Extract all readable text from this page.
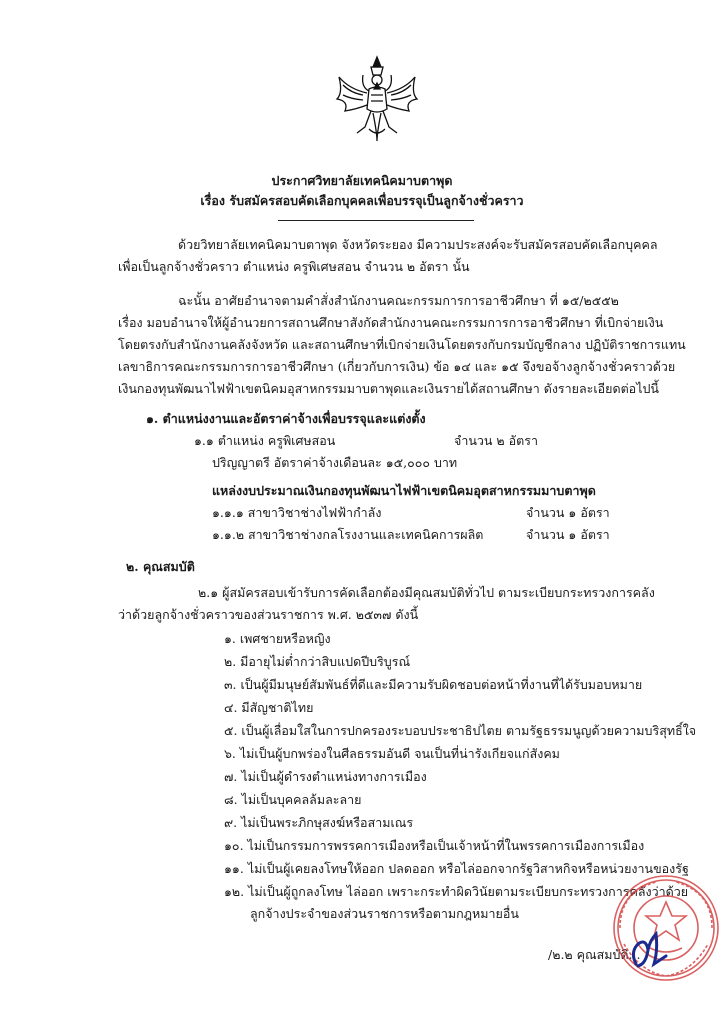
ประกาศวิทยาลัยเทคนิคมาบตาพุด
เรื่อง รับสมัครสอบคัดเลือกบุคคลเพื่อบรรจุเป็นลูกจ้างชั่วคราว
ด้วยวิทยาลัยเทคนิคมาบตาพุด จังหวัดระยอง มีความประสงค์จะรับสมัครสอบคัดเลือกบุคคล
เพื่อเป็นลูกจ้างชั่วคราว ตำแหน่ง ครูพิเศษสอน จำนวน ๒ อัตรา นั้น
ฉะนั้น อาศัยอำนาจตามคำสั่งสำนักงานคณะกรรมการการอาชีวศึกษา ที่ ๑๕/๒๕๕๒
เรื่อง มอบอำนาจให้ผู้อำนวยการสถานศึกษาสังกัดสำนักงานคณะกรรมการการอาชีวศึกษา ที่เบิกจ่ายเงิน
โดยตรงกับสำนักงานคลังจังหวัด และสถานศึกษาที่เบิกจ่ายเงินโดยตรงกับกรมบัญชีกลาง ปฏิบัติราชการแทน
เลขาธิการคณะกรรมการการอาชีวศึกษา (เกี่ยวกับการเงิน) ข้อ ๑๔ และ ๑๕ จึงขอจ้างลูกจ้างชั่วคราวด้วย
เงินกองทุนพัฒนาไฟฟ้าเขตนิคมอุสาหกรรมมาบตาพุดและเงินรายได้สถานศึกษา ดังรายละเอียดต่อไปนี้
๑. ตำแหน่งงานและอัตราค่าจ้างเพื่อบรรจุและแต่งตั้ง
๑.๑ ตำแหน่ง ครูพิเศษสอน	จำนวน ๒ อัตรา
ปริญญาตรี อัตราค่าจ้างเดือนละ ๑๕,๐๐๐ บาท
แหล่งงบประมาณเงินกองทุนพัฒนาไฟฟ้าเขตนิคมอุตสาหกรรมมาบตาพุด
๑.๑.๑ สาขาวิชาช่างไฟฟ้ากำลัง	จำนวน ๑ อัตรา
๑.๑.๒ สาขาวิชาช่างกลโรงงานและเทคนิคการผลิต	จำนวน ๑ อัตรา
๒. คุณสมบัติ
๒.๑ ผู้สมัครสอบเข้ารับการคัดเลือกต้องมีคุณสมบัติทั่วไป ตามระเบียบกระทรวงการคลัง
ว่าด้วยลูกจ้างชั่วคราวของส่วนราชการ พ.ศ. ๒๕๓๗ ดังนี้
๑. เพศชายหรือหญิง
๒. มีอายุไม่ต่ำกว่าสิบแปดปีบริบูรณ์
๓. เป็นผู้มีมนุษย์สัมพันธ์ที่ดีและมีความรับผิดชอบต่อหน้าที่งานที่ได้รับมอบหมาย
๔. มีสัญชาติไทย
๕. เป็นผู้เลื่อมใสในการปกครองระบอบประชาธิปไตย ตามรัฐธรรมนูญด้วยความบริสุทธิ์ใจ
๖. ไม่เป็นผู้บกพร่องในศีลธรรมอันดี จนเป็นที่น่ารังเกียจแก่สังคม
๗. ไม่เป็นผู้ดำรงตำแหน่งทางการเมือง
๘. ไม่เป็นบุคคลล้มละลาย
๙. ไม่เป็นพระภิกษุสงฆ์หรือสามเณร
๑๐. ไม่เป็นกรรมการพรรคการเมืองหรือเป็นเจ้าหน้าที่ในพรรคการเมืองการเมือง
๑๑. ไม่เป็นผู้เคยลงโทษให้ออก ปลดออก หรือไล่ออกจากรัฐวิสาหกิจหรือหน่วยงานของรัฐ
๑๒. ไม่เป็นผู้ถูกลงโทษ ไล่ออก เพราะกระทำผิดวินัยตามระเบียบกระทรวงการคลังว่าด้วย
ลูกจ้างประจำของส่วนราชการหรือตามกฎหมายอื่น
/๒.๒ คุณสมบัติ...
